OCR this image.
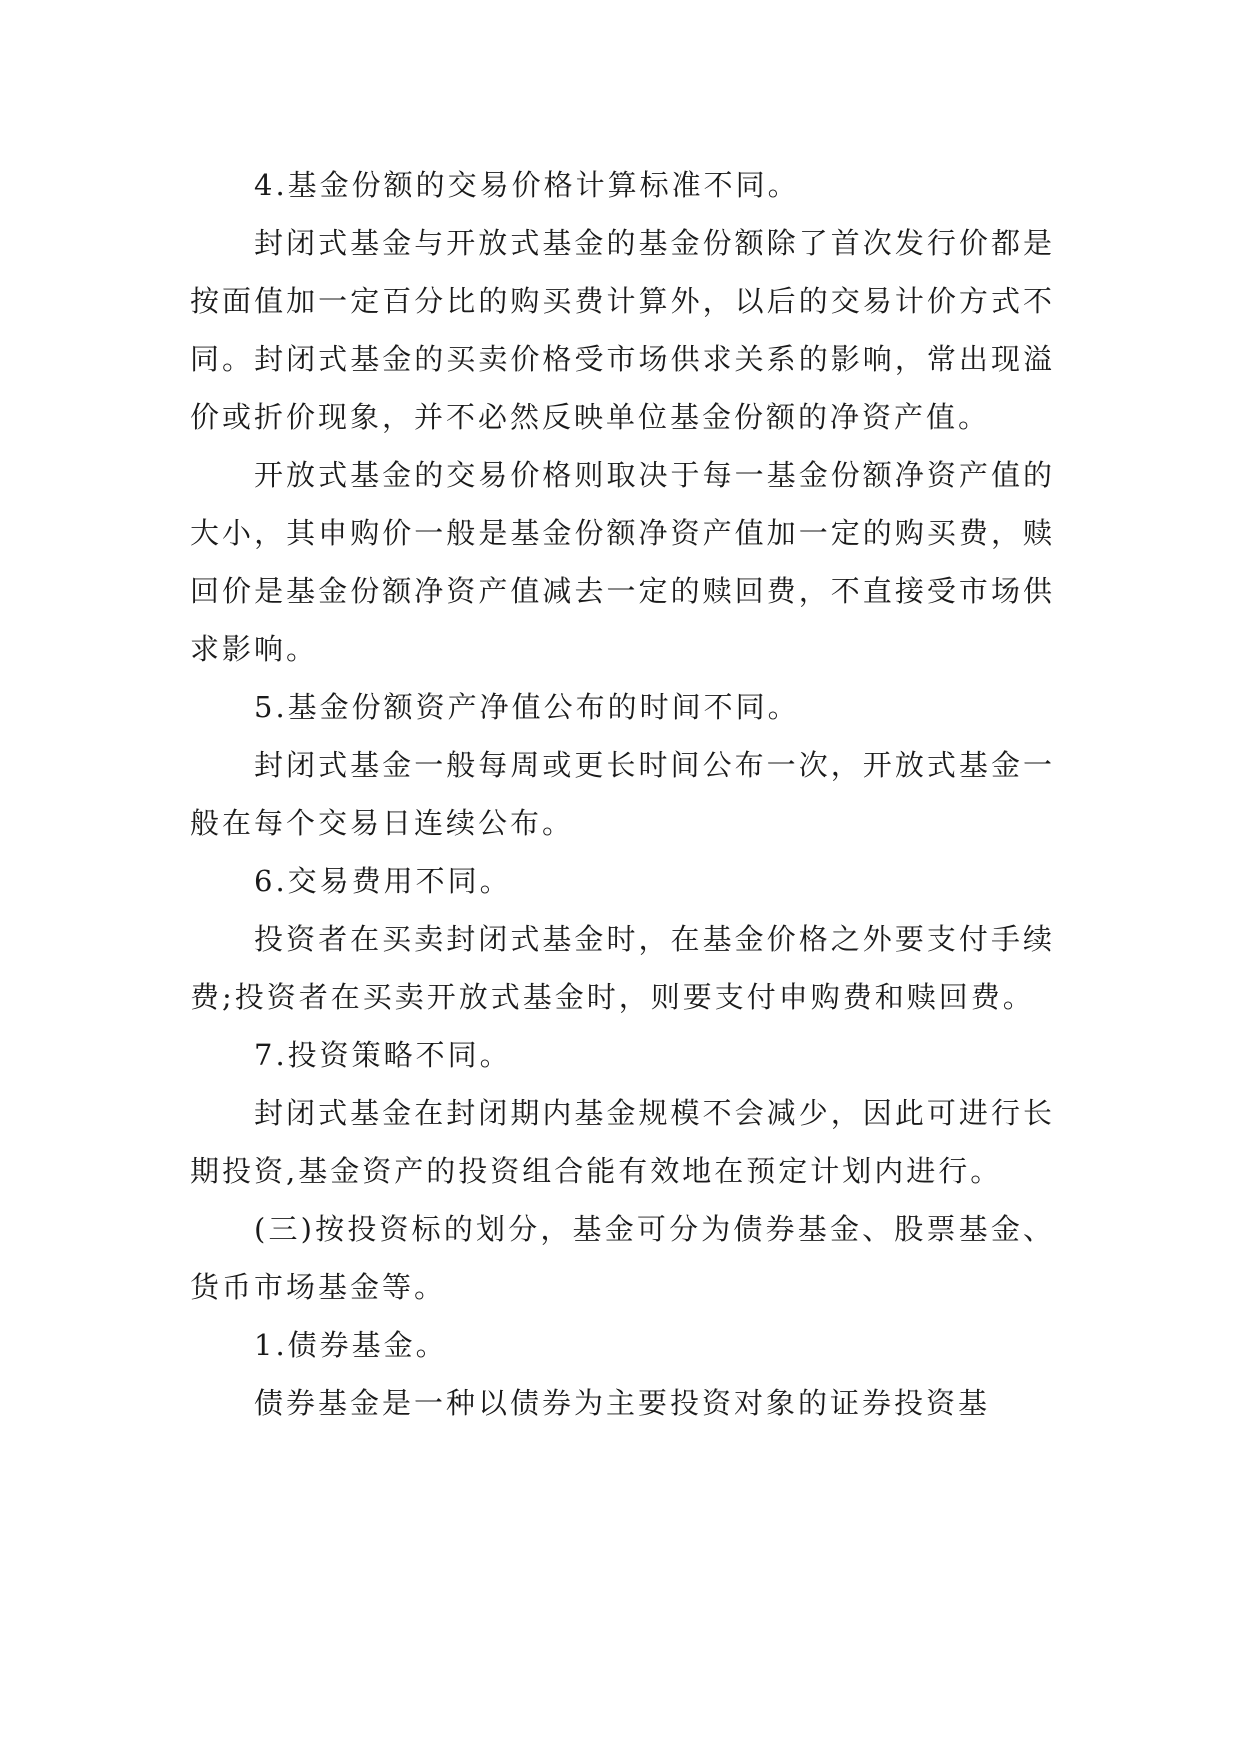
4.基金份额的交易价格计算标准不同。

封闭式基金与开放式基金的基金份额除了首次发行价都是按面值加一定百分比的购买费计算外，以后的交易计价方式不同。封闭式基金的买卖价格受市场供求关系的影响，常出现溢价或折价现象，并不必然反映单位基金份额的净资产值。

开放式基金的交易价格则取决于每一基金份额净资产值的大小，其申购价一般是基金份额净资产值加一定的购买费，赎回价是基金份额净资产值减去一定的赎回费，不直接受市场供求影响。

5.基金份额资产净值公布的时间不同。

封闭式基金一般每周或更长时间公布一次，开放式基金一般在每个交易日连续公布。

6.交易费用不同。

投资者在买卖封闭式基金时，在基金价格之外要支付手续费;投资者在买卖开放式基金时，则要支付申购费和赎回费。

7.投资策略不同。

封闭式基金在封闭期内基金规模不会减少，因此可进行长期投资,基金资产的投资组合能有效地在预定计划内进行。

(三)按投资标的划分，基金可分为债券基金、股票基金、货币市场基金等。

1.债券基金。

债券基金是一种以债券为主要投资对象的证券投资基
